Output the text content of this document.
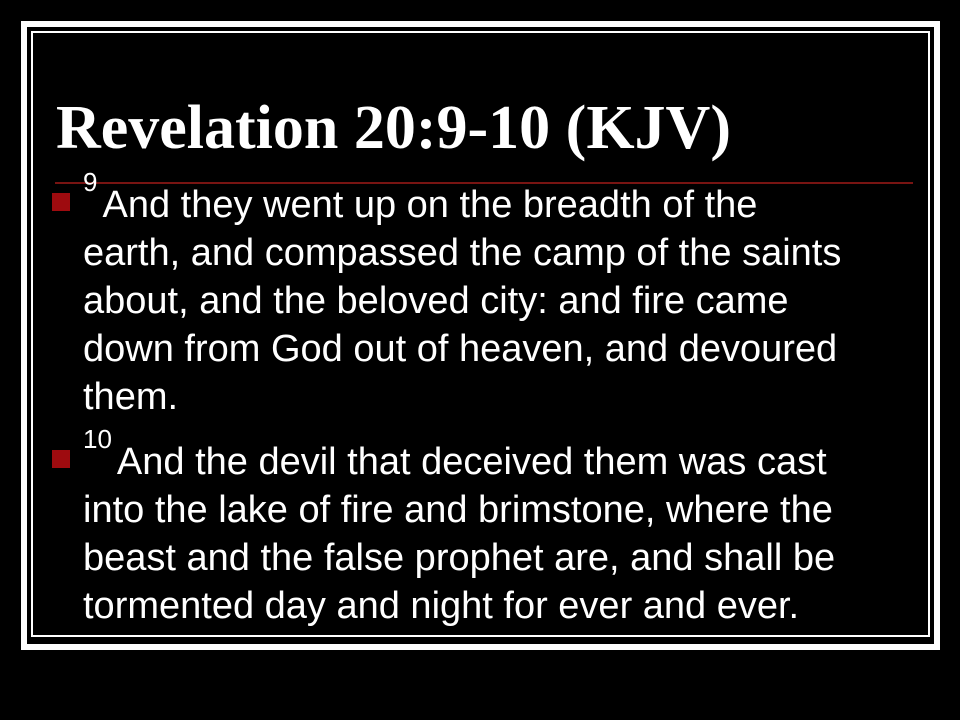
Revelation 20:9-10 (KJV)
$^9$And they went up on the breadth of the
earth, and compassed the camp of the saints
about, and the beloved city: and fire came
down from God out of heaven, and devoured
them.
$^{10}$And the devil that deceived them was cast
into the lake of fire and brimstone, where the
beast and the false prophet are, and shall be
tormented day and night for ever and ever.
